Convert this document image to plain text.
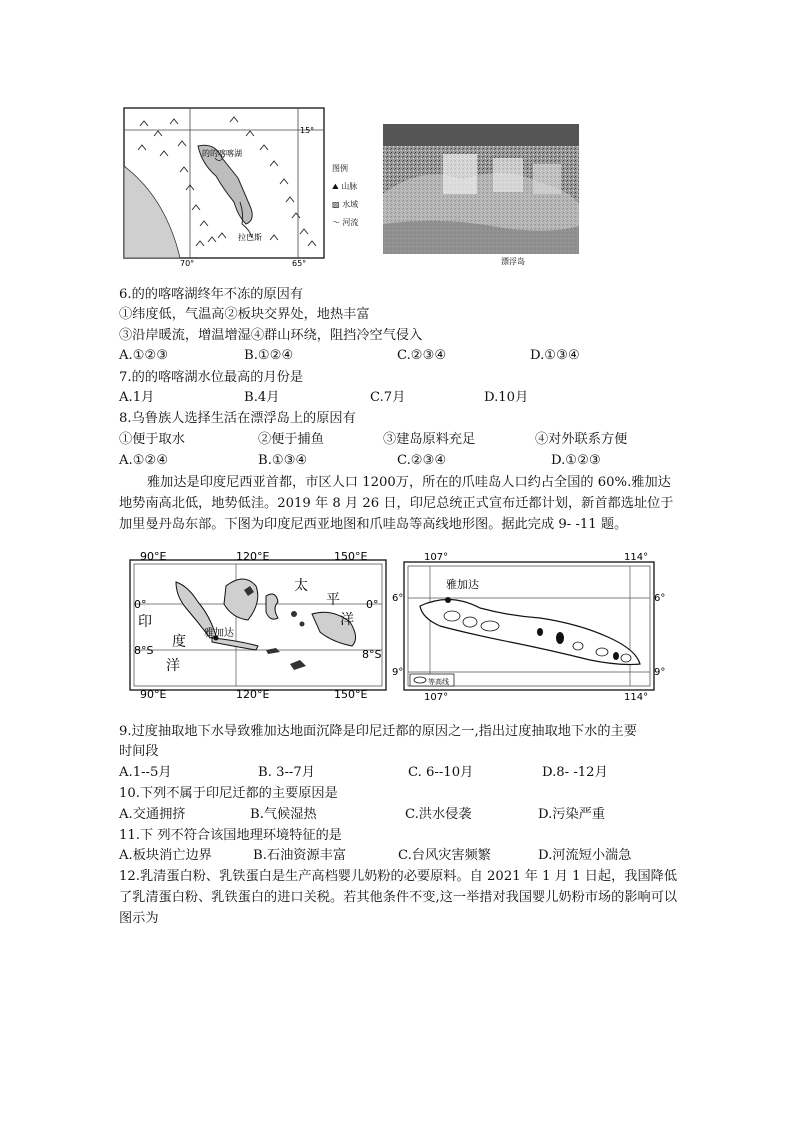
15°
70°	65°
的的喀喀湖
拉巴斯
图例
⛰ 山脉
▨ 水域
～ 河流
漂浮岛
6.的的喀喀湖终年不冻的原因有
①纬度低，气温高②板块交界处，地热丰富
③沿岸暖流，增温增湿④群山环绕，阻挡冷空气侵入
A.①②③	B.①②④	C.②③④	D.①③④
7.的的喀喀湖水位最高的月份是
A.1月	B.4月	C.7月	D.10月
8.乌鲁族人选择生活在漂浮岛上的原因有
①便于取水	②便于捕鱼	③建岛原料充足	④对外联系方便
A.①②④	B.①③④	C.②③④	D.①②③
雅加达是印度尼西亚首都，市区人口 1200万，所在的爪哇岛人口约占全国的 60%.雅加达地势南高北低，地势低洼。2019 年 8 月 26 日，印尼总统正式宣布迁都计划，新首都选址位于加里曼丹岛东部。下图为印度尼西亚地图和爪哇岛等高线地形图。据此完成 9- -11 题。
90°E	120°E	150°E
90°E	120°E	150°E
0°
8°S
0°
8°S
太
平
洋
印
度
洋
雅加达
107°	114°
107°	114°
6°
9°
6°
9°
雅加达
等高线
9.过度抽取地下水导致雅加达地面沉降是印尼迁都的原因之一,指出过度抽取地下水的主要
时间段
A.1--5月	B. 3--7月	C. 6--10月	D.8- -12月
10.下列不属于印尼迁都的主要原因是
A.交通拥挤	B.气候湿热	C.洪水侵袭	D.污染严重
11.下 列不符合该国地理环境特征的是
A.板块消亡边界	B.石油资源丰富	C.台风灾害频繁	D.河流短小湍急
12.乳清蛋白粉、乳铁蛋白是生产高档婴儿奶粉的必要原料。自 2021 年 1 月 1 日起，我国降低了乳清蛋白粉、乳铁蛋白的进口关税。若其他条件不变,这一举措对我国婴儿奶粉市场的影响可以图示为
